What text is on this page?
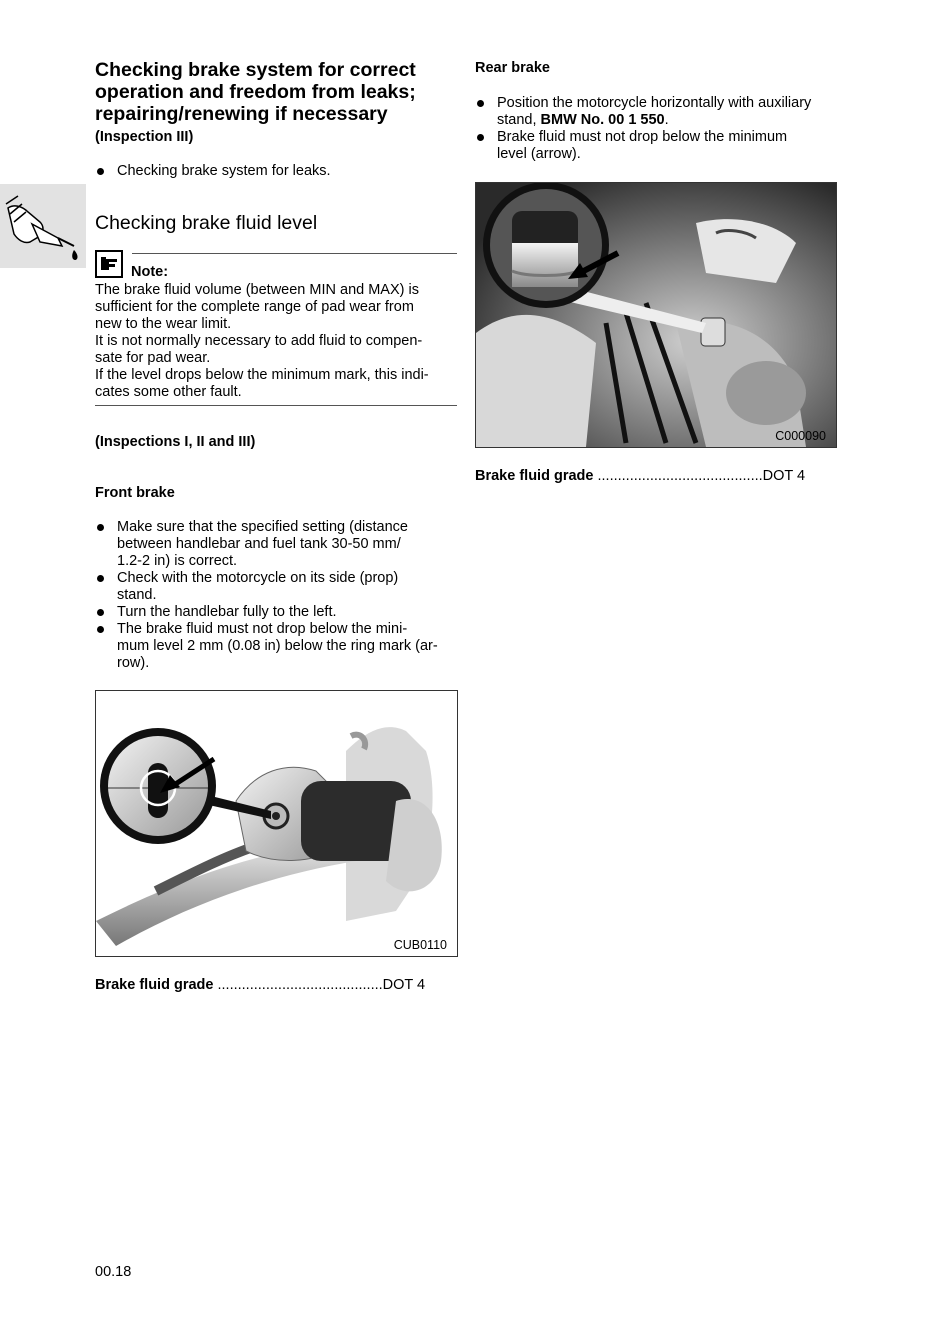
Checking brake system for correct
operation and freedom from leaks;
repairing/renewing if necessary
(Inspection III)
Checking brake system for leaks.
Checking brake fluid level
Note:
The brake fluid volume (between MIN and MAX) is
sufficient for the complete range of pad wear from
new to the wear limit.
It is not normally necessary to add fluid to compen-
sate for pad wear.
If the level drops below the minimum mark, this indi-
cates some other fault.
(Inspections I, II and III)
Front brake
Make sure that the specified setting (distance
between handlebar and fuel tank 30-50 mm/
1.2-2 in) is correct.
Check with the motorcycle on its side (prop)
stand.
Turn the handlebar fully to the left.
The brake fluid must not drop below the mini-
mum level 2 mm (0.08 in) below the ring mark (ar-
row).
CUB0110
Brake fluid grade .........................................DOT 4
Rear brake
Position the motorcycle horizontally with auxiliary
stand, BMW No. 00 1 550.
Brake fluid must not drop below the minimum
level (arrow).
C000090
Brake fluid grade .........................................DOT 4
00.18
